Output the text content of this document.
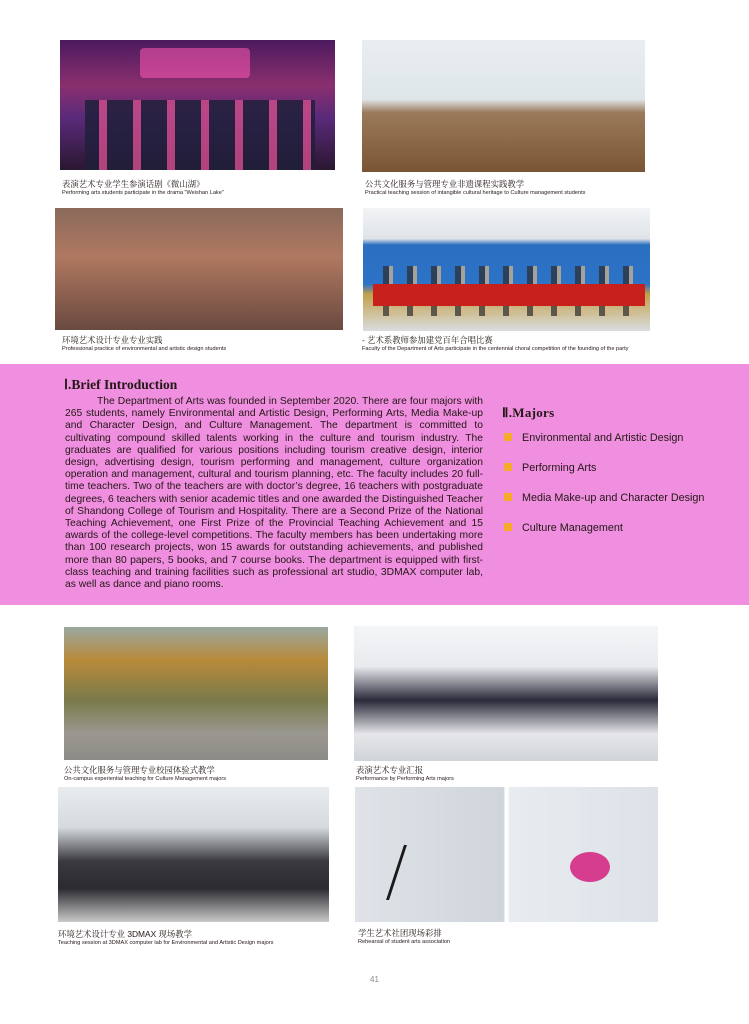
表演艺术专业学生参演话剧《微山湖》
Performing arts students participate in the drama "Weishan Lake"
公共文化服务与管理专业非遗课程实践教学
Practical teaching session of intangible cultural heritage to Culture management students
环境艺术设计专业专业实践
Professional practice of environmental and artistic design students
- 艺术系教师参加建党百年合唱比赛
Faculty of the Department of Arts participate in the centennial choral competition of the founding of the party
Ⅰ.Brief Introduction

The Department of Arts was founded in September 2020. There are four majors with 265 students, namely Environmental and Artistic Design, Performing Arts, Media Make-up and Character Design, and Culture Management. The department is committed to cultivating compound skilled talents working in the culture and tourism industry. The graduates are qualified for various positions including tourism creative design, interior design, advertising design, tourism performing and management, culture organization operation and management, cultural and tourism planning, etc. The faculty includes 20 full-time teachers. Two of the teachers are with doctor’s degree, 16 teachers with postgraduate degrees, 6 teachers with senior academic titles and one awarded the Distinguished Teacher of Shandong College of Tourism and Hospitality. There are a Second Prize of the National Teaching Achievement, one First Prize of the Provincial Teaching Achievement and 15 awards of the college-level competitions. The faculty members has been undertaking more than 100 research projects, won 15 awards for outstanding achievements, and published more than 80 papers, 5 books, and 7 course books. The department is equipped with first-class teaching and training facilities such as professional art studio, 3DMAX computer lab, as well as dance and piano rooms.

Ⅱ.Majors
Environmental and Artistic Design
Performing Arts
Media Make-up and Character Design
Culture Management
公共文化服务与管理专业校园体验式教学
On-campus experiential teaching for Culture Management majors
表演艺术专业汇报
Performance by Performing Arts majors
环境艺术设计专业 3DMAX 现场教学
Teaching session at 3DMAX computer lab for Environmental and Artistic Design majors
学生艺术社团现场彩排
Rehearsal of student arts association
41
